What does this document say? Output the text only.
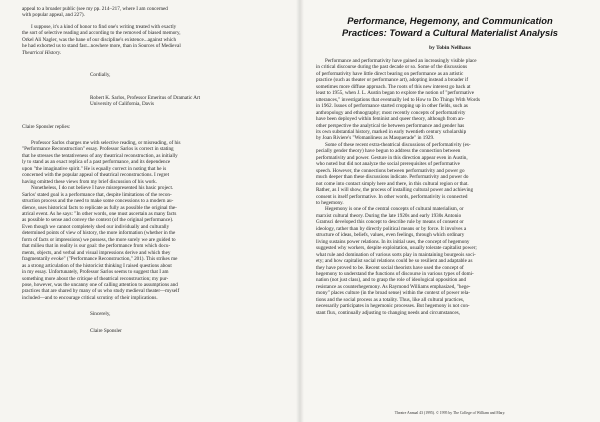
appeal to a broader public (see my pp. 214–217, where I am concerned

with popular appeal, and 227).

I suppose, it's a kind of honor to find one's writing treated with exactly

the sort of selective reading and according to the removed of biased memory,

Orkel Ali Nagler, was the bane of our discipline's existence...against which

he had exhorted us to stand fast...nowhere more, than in Sources of Medieval

Theatrical History.

Cordially,

Robert K. Sarlos, Professor Emeritus of Dramatic Art

University of California, Davis

Claire Sponsler replies:

Professor Sarlos charges me with selective reading, or misreading, of his

"Performance Reconstruction" essay. Professor Sarlos is correct in stating

that he stresses the tentativeness of any theatrical reconstruction, as initially

ly to stand as an exact replica of a past performance, and its dependence

upon "the imaginative spirit." He is equally correct in noting that he is

concerned with the popular appeal of theatrical reconstructions. I regret

having omitted these views from my brief discussion of his work.

Nonetheless, I do not believe I have misrepresented his basic project.

Sarlos' stated goal is a performance that, despite limitations of the recon-

struction process and the need to make some concessions to a modern au-

dience, uses historical facts to replicate as fully as possible the original the-

atrical event. As he says: "In other words, one must ascertain as many facts

as possible to sense and convey the context (of the original performance).

Even though we cannot completely shed our individually and culturally

determined points of view of history, the more information (whether in the

form of facts or impressions) we possess, the more surely we are guided to

that milieu that in reality is our goal: the performance from which docu-

ments, objects, and verbal and visual impressions derive and which they

fragmentarily evoke" ("Performance Reconstruction," 201). This strikes me

as a strong articulation of the historicist thinking I raised questions about

in my essay. Unfortunately, Professor Sarlos seems to suggest that I am

something more about the critique of theatrical reconstruction; my pur-

pose, however, was the uncanny one of calling attention to assumptions and

practices that are shared by many of us who study medieval theater—myself

included—and to encourage critical scrutiny of their implications.

Sincerely,

Claire Sponsler

Performance, Hegemony, and Communication
Practices: Toward a Cultural Materialist Analysis
by Tobin Nellhaus

Performance and performativity have gained an increasingly visible place

in critical discourse during the past decade or so. Some of the discussions

of performativity have little direct bearing on performance as an artistic

practice (such as theater or performance art), adopting instead a broader if

sometimes more diffuse approach. The roots of this new interest go back at

least to 1955, when J. L. Austin began to explore the notion of "performative

utterances," investigations that eventually led to How to Do Things With Words

in 1962. Issues of performance started cropping up in other fields, such as

anthropology and ethnography; most recently concepts of performativity

have been deployed within feminist and queer theory, although from an-

other perspective the analytical tie between performance and gender has

its own substantial history, marked in early twentieth century scholarship

by Joan Riviere's "Womanliness as Masquerade" in 1929.

Some of these recent extra-theatrical discussions of performativity (es-

pecially gender theory) have begun to address the connection between

performativity and power. Gesture in this direction appear even in Austin,

who noted but did not analyze the social prerequisites of performative

speech. However, the connections between performativity and power go

much deeper than these discussions indicate. Performativity and power do

not come into contact simply here and there, in this cultural region or that.

Rather, as I will show, the process of installing cultural power and achieving

consent is itself performative. In other words, performativity is connected

to hegemony.

Hegemony is one of the central concepts of cultural materialism, or

marxist cultural theory. During the late 1920s and early 1930s Antonio

Gramsci developed this concept to describe rule by means of consent or

ideology, rather than by directly political means or by force. It involves a

structure of ideas, beliefs, values, even feelings, through which ordinary

living sustains power relations. In its initial uses, the concept of hegemony

suggested why workers, despite exploitation, usually tolerate capitalist power;

what rule and domination of various sorts play in maintaining bourgeois soci-

ety; and how capitalist social relations could be so resilient and adaptable as

they have proved to be. Recent social theorists have used the concept of

hegemony to understand the functions of discourse in various types of domi-

nation (not just class), and to grasp the role of ideological opposition and

resistance as counterhegemony. As Raymond Williams emphasized, "hege-

mony" places culture (in the broad sense) within the context of power rela-

tions and the social process as a totality. Thus, like all cultural practices,

necessarily participates in hegemonic processes. But hegemony is not con-

stant flux, continually adjusting to changing needs and circumstances,

Theatre Annual 43 (1995). © 1995 by The College of William and Mary.
